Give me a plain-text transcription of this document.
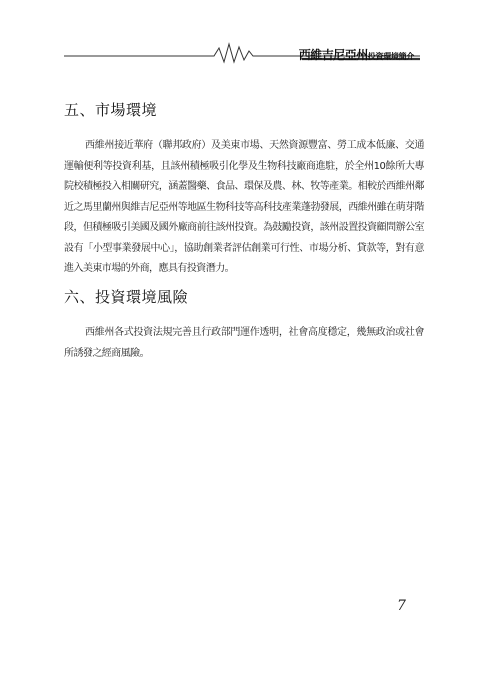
西維吉尼亞州投資環境簡介
五、市場環境

西維州接近華府（聯邦政府）及美東市場、天然資源豐富、勞工成本低廉、交通運輸便利等投資利基，且該州積極吸引化學及生物科技廠商進駐，於全州10餘所大專院校積極投入相關研究，涵蓋醫藥、食品、環保及農、林、牧等產業。相較於西維州鄰近之馬里蘭州與維吉尼亞州等地區生物科技等高科技產業蓬勃發展，西維州雖在萌芽階段，但積極吸引美國及國外廠商前往該州投資。為鼓勵投資，該州設置投資顧問辦公室設有「小型事業發展中心」，協助創業者評估創業可行性、市場分析、貸款等，對有意進入美東市場的外商，應具有投資潛力。

六、投資環境風險

西維州各式投資法規完善且行政部門運作透明，社會高度穩定，幾無政治或社會所誘發之經商風險。

7
